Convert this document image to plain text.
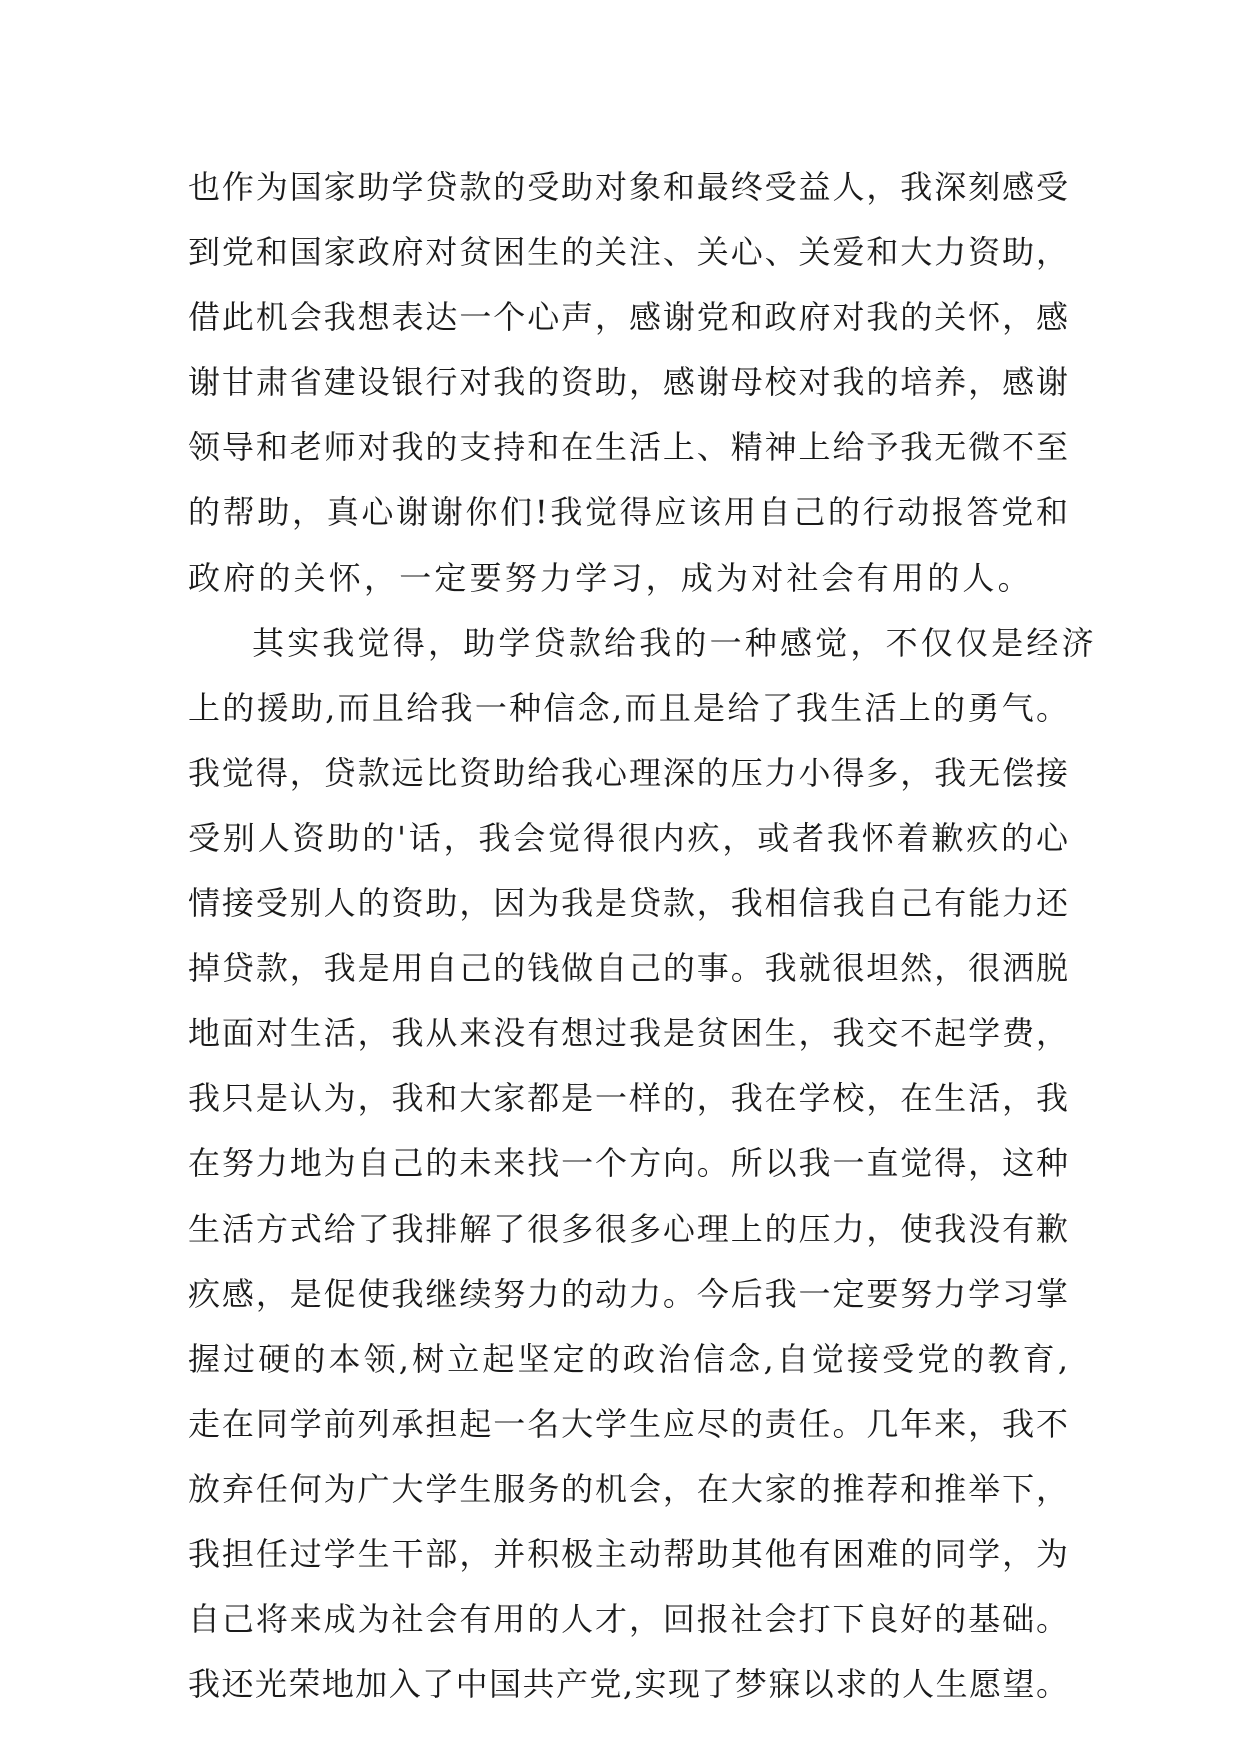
也作为国家助学贷款的受助对象和最终受益人，我深刻感受
到党和国家政府对贫困生的关注、关心、关爱和大力资助，
借此机会我想表达一个心声，感谢党和政府对我的关怀，感
谢甘肃省建设银行对我的资助，感谢母校对我的培养，感谢
领导和老师对我的支持和在生活上、精神上给予我无微不至
的帮助，真心谢谢你们!我觉得应该用自己的行动报答党和
政府的关怀，一定要努力学习，成为对社会有用的人。
其实我觉得，助学贷款给我的一种感觉，不仅仅是经济
上的援助,而且给我一种信念,而且是给了我生活上的勇气。
我觉得，贷款远比资助给我心理深的压力小得多，我无偿接
受别人资助的'话，我会觉得很内疚，或者我怀着歉疚的心
情接受别人的资助，因为我是贷款，我相信我自己有能力还
掉贷款，我是用自己的钱做自己的事。我就很坦然，很洒脱
地面对生活，我从来没有想过我是贫困生，我交不起学费，
我只是认为，我和大家都是一样的，我在学校，在生活，我
在努力地为自己的未来找一个方向。所以我一直觉得，这种
生活方式给了我排解了很多很多心理上的压力，使我没有歉
疚感，是促使我继续努力的动力。今后我一定要努力学习掌
握过硬的本领,树立起坚定的政治信念,自觉接受党的教育,
走在同学前列承担起一名大学生应尽的责任。几年来，我不
放弃任何为广大学生服务的机会，在大家的推荐和推举下，
我担任过学生干部，并积极主动帮助其他有困难的同学，为
自己将来成为社会有用的人才，回报社会打下良好的基础。
我还光荣地加入了中国共产党,实现了梦寐以求的人生愿望。
